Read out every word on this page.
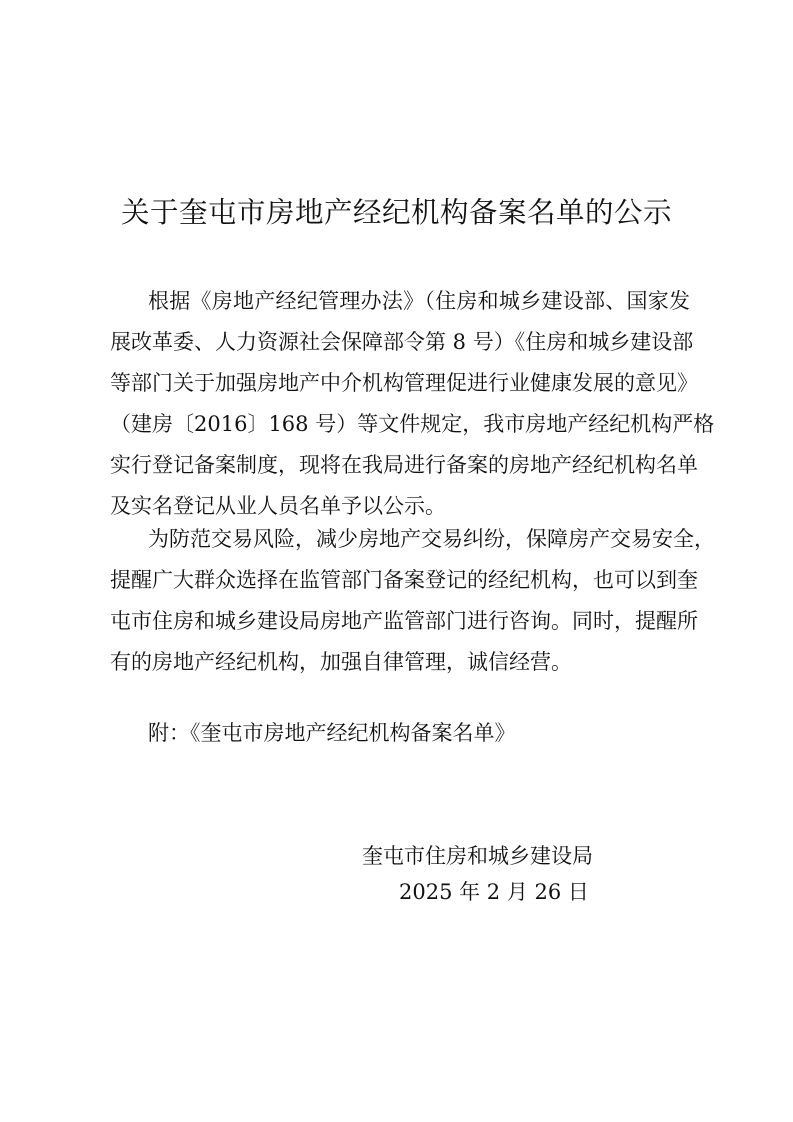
关于奎屯市房地产经纪机构备案名单的公示
根据《房地产经纪管理办法》（住房和城乡建设部、国家发
展改革委、人力资源社会保障部令第 8 号）《住房和城乡建设部
等部门关于加强房地产中介机构管理促进行业健康发展的意见》
（建房〔2016〕168 号）等文件规定，我市房地产经纪机构严格
实行登记备案制度，现将在我局进行备案的房地产经纪机构名单
及实名登记从业人员名单予以公示。
为防范交易风险，减少房地产交易纠纷，保障房产交易安全，
提醒广大群众选择在监管部门备案登记的经纪机构，也可以到奎
屯市住房和城乡建设局房地产监管部门进行咨询。同时，提醒所
有的房地产经纪机构，加强自律管理，诚信经营。
附：《奎屯市房地产经纪机构备案名单》
奎屯市住房和城乡建设局
2025 年 2 月 26 日
